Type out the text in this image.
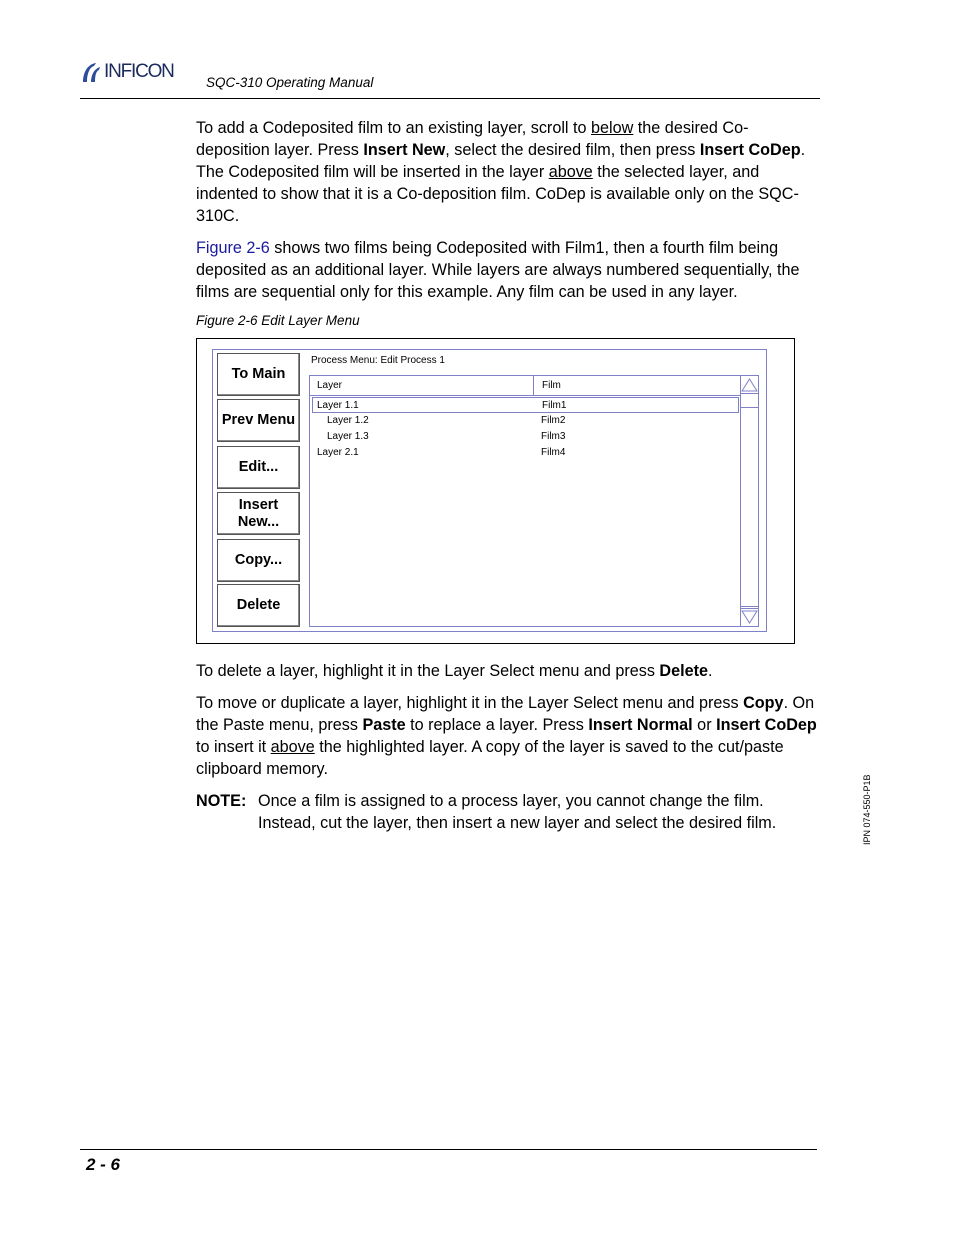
INFICON
SQC-310 Operating Manual
To add a Codeposited film to an existing layer, scroll to below the desired Co-deposition layer. Press Insert New, select the desired film, then press Insert CoDep. The Codeposited film will be inserted in the layer above the selected layer, and indented to show that it is a Co-deposition film. CoDep is available only on the SQC-310C.
Figure 2-6 shows two films being Codeposited with Film1, then a fourth film being deposited as an additional layer. While layers are always numbered sequentially, the films are sequential only for this example. Any film can be used in any layer.
Figure 2-6 Edit Layer Menu
To Main
Prev Menu
Edit...
Insert New...
Copy...
Delete
Process Menu: Edit Process 1
Layer	Film
Layer 1.1	Film1
Layer 1.2	Film2
Layer 1.3	Film3
Layer 2.1	Film4
To delete a layer, highlight it in the Layer Select menu and press Delete.
To move or duplicate a layer, highlight it in the Layer Select menu and press Copy. On the Paste menu, press Paste to replace a layer. Press Insert Normal or Insert CoDep to insert it above the highlighted layer. A copy of the layer is saved to the cut/paste clipboard memory.
NOTE: Once a film is assigned to a process layer, you cannot change the film. Instead, cut the layer, then insert a new layer and select the desired film.	IPN 074-550-P1B
2 - 6
